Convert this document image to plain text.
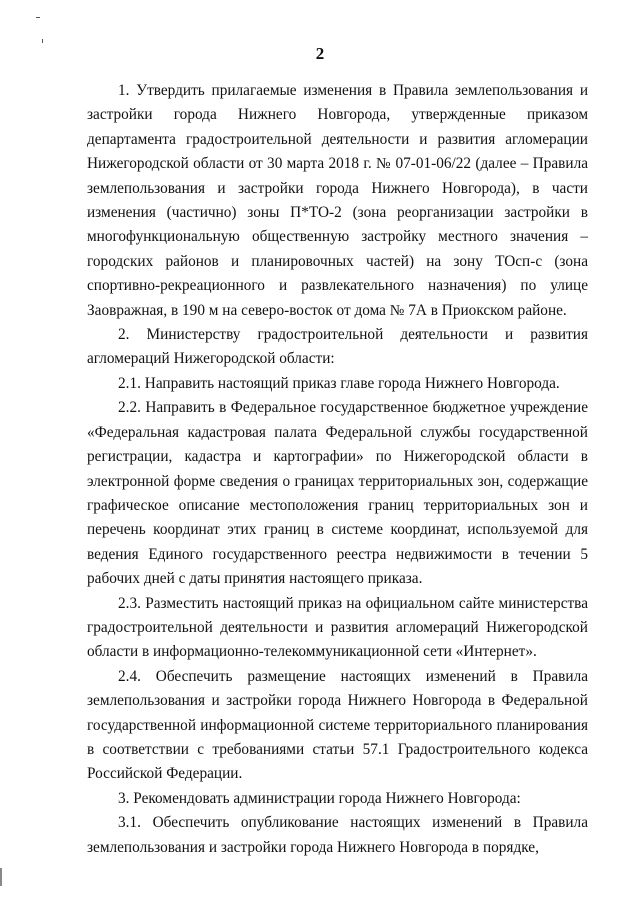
2

1. Утвердить прилагаемые изменения в Правила землепользования и застройки города Нижнего Новгорода, утвержденные приказом департамента градостроительной деятельности и развития агломерации Нижегородской области от 30 марта 2018 г. № 07-01-06/22 (далее – Правила землепользования и застройки города Нижнего Новгорода), в части изменения (частично) зоны П*ТО-2 (зона реорганизации застройки в многофункциональную общественную застройку местного значения – городских районов и планировочных частей) на зону ТОсп-с (зона спортивно-рекреационного и развлекательного назначения) по улице Заовражная, в 190 м на северо-восток от дома № 7А в Приокском районе.

2. Министерству градостроительной деятельности и развития агломераций Нижегородской области:

2.1. Направить настоящий приказ главе города Нижнего Новгорода.

2.2. Направить в Федеральное государственное бюджетное учреждение «Федеральная кадастровая палата Федеральной службы государственной регистрации, кадастра и картографии» по Нижегородской области в электронной форме сведения о границах территориальных зон, содержащие графическое описание местоположения границ территориальных зон и перечень координат этих границ в системе координат, используемой для ведения Единого государственного реестра недвижимости в течении 5 рабочих дней с даты принятия настоящего приказа.

2.3. Разместить настоящий приказ на официальном сайте министерства градостроительной деятельности и развития агломераций Нижегородской области в информационно-телекоммуникационной сети «Интернет».

2.4. Обеспечить размещение настоящих изменений в Правила землепользования и застройки города Нижнего Новгорода в Федеральной государственной информационной системе территориального планирования в соответствии с требованиями статьи 57.1 Градостроительного кодекса Российской Федерации.

3. Рекомендовать администрации города Нижнего Новгорода:

3.1. Обеспечить опубликование настоящих изменений в Правила землепользования и застройки города Нижнего Новгорода в порядке,
